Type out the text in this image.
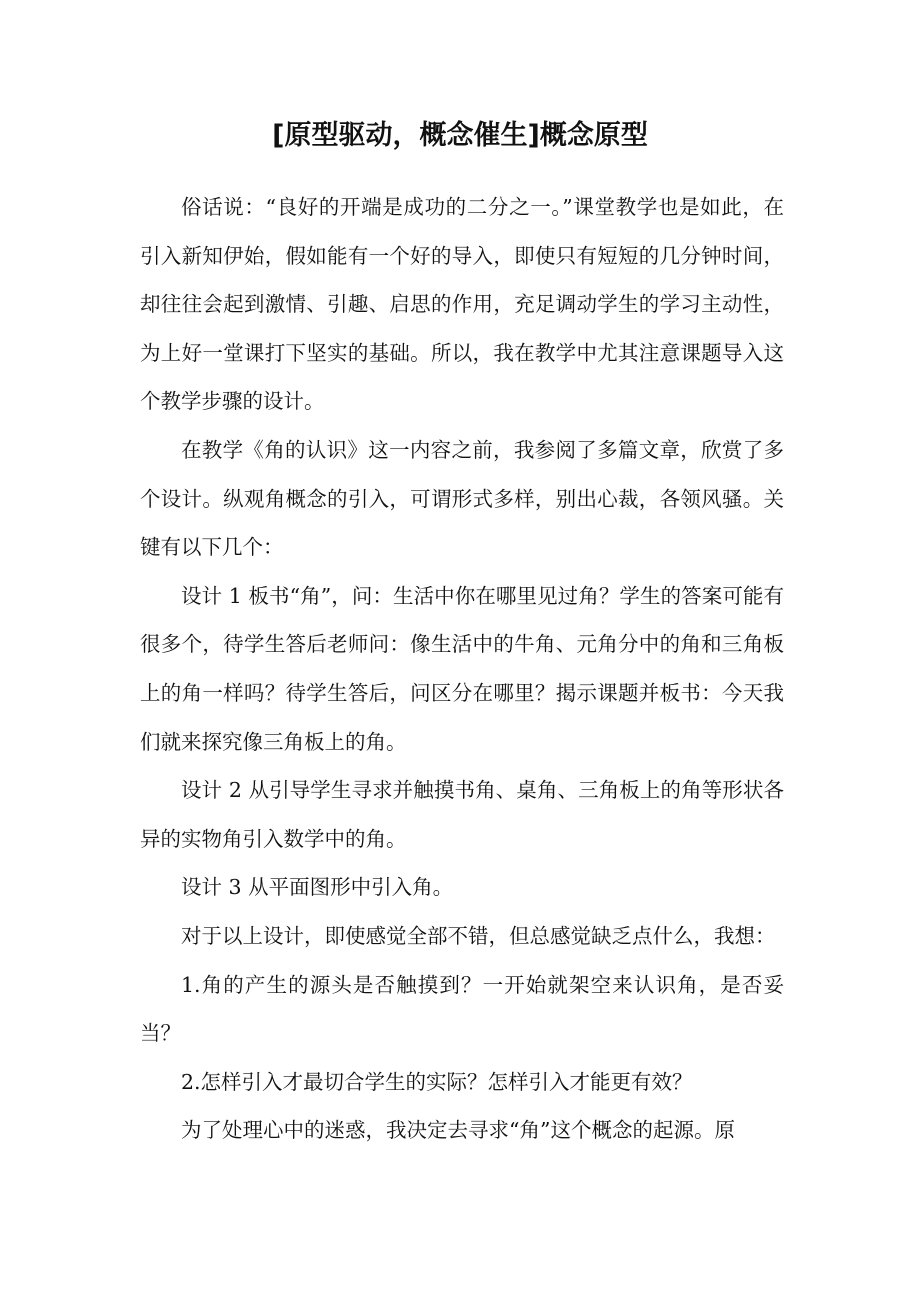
[原型驱动，概念催生]概念原型

俗话说：“良好的开端是成功的二分之一。”课堂教学也是如此，在引入新知伊始，假如能有一个好的导入，即使只有短短的几分钟时间，却往往会起到激情、引趣、启思的作用，充足调动学生的学习主动性，为上好一堂课打下坚实的基础。所以，我在教学中尤其注意课题导入这个教学步骤的设计。

在教学《角的认识》这一内容之前，我参阅了多篇文章，欣赏了多个设计。纵观角概念的引入，可谓形式多样，别出心裁，各领风骚。关键有以下几个：

设计 1 板书“角”，问：生活中你在哪里见过角？学生的答案可能有很多个，待学生答后老师问：像生活中的牛角、元角分中的角和三角板上的角一样吗？待学生答后，问区分在哪里？揭示课题并板书：今天我们就来探究像三角板上的角。

设计 2 从引导学生寻求并触摸书角、桌角、三角板上的角等形状各异的实物角引入数学中的角。

设计 3 从平面图形中引入角。

对于以上设计，即使感觉全部不错，但总感觉缺乏点什么，我想：

1.角的产生的源头是否触摸到？一开始就架空来认识角，是否妥当？

2.怎样引入才最切合学生的实际？怎样引入才能更有效？

为了处理心中的迷惑，我决定去寻求“角”这个概念的起源。原
